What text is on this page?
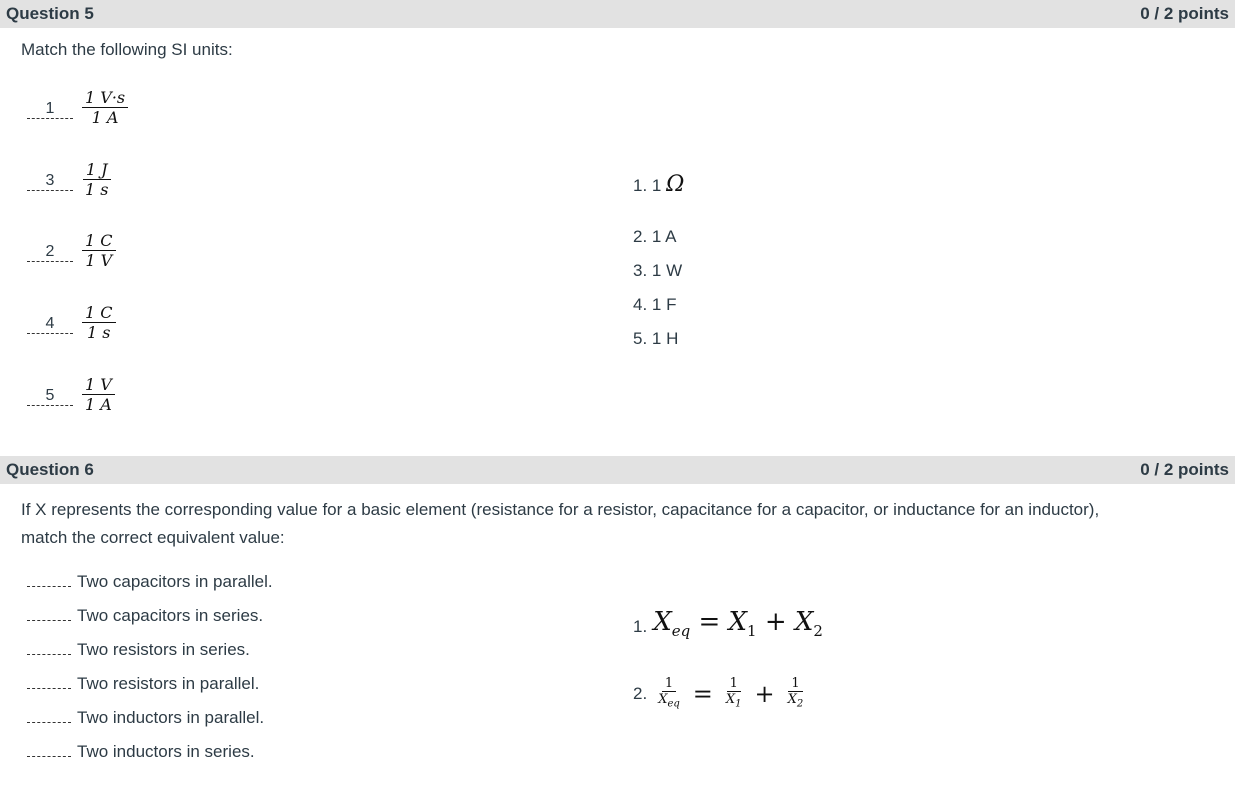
Question 5	0 / 2 points
Match the following SI units:
1	$\frac{1 V\cdot s}{1 A}$
3	$\frac{1 J}{1 s}$
2	$\frac{1 C}{1 V}$
4	$\frac{1 C}{1 s}$
5	$\frac{1 V}{1 A}$
1. 1 Ω
2. 1 A
3. 1 W
4. 1 F
5. 1 H
Question 6	0 / 2 points
If X represents the corresponding value for a basic element (resistance for a resistor, capacitance for a capacitor, or inductance for an inductor),
match the correct equivalent value:
Two capacitors in parallel.
Two capacitors in series.
Two resistors in series.
Two resistors in parallel.
Two inductors in parallel.
Two inductors in series.
1. $X_{eq} = X_1 + X_2$
2.
1
$X_{eq} = \frac{1}{X_1} + \frac{1}{X_2}$
